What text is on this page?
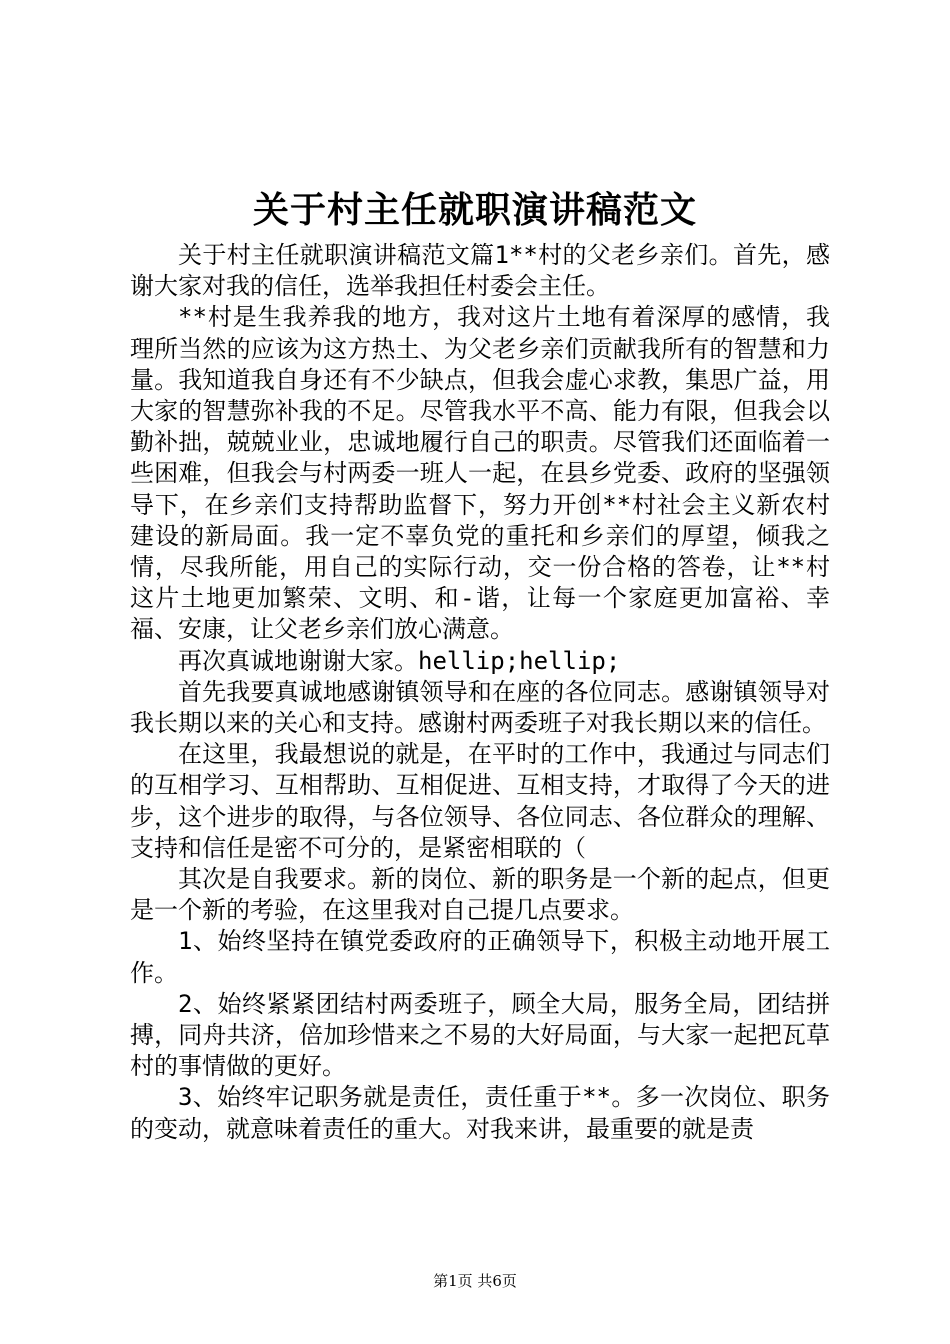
关于村主任就职演讲稿范文

关于村主任就职演讲稿范文篇1**村的父老乡亲们。首先，感谢大家对我的信任，选举我担任村委会主任。

**村是生我养我的地方，我对这片土地有着深厚的感情，我理所当然的应该为这方热土、为父老乡亲们贡献我所有的智慧和力量。我知道我自身还有不少缺点，但我会虚心求教，集思广益，用大家的智慧弥补我的不足。尽管我水平不高、能力有限，但我会以勤补拙，兢兢业业，忠诚地履行自己的职责。尽管我们还面临着一些困难，但我会与村两委一班人一起，在县乡党委、政府的坚强领导下，在乡亲们支持帮助监督下，努力开创**村社会主义新农村建设的新局面。我一定不辜负党的重托和乡亲们的厚望，倾我之情，尽我所能，用自己的实际行动，交一份合格的答卷，让**村这片土地更加繁荣、文明、和-谐，让每一个家庭更加富裕、幸福、安康，让父老乡亲们放心满意。

再次真诚地谢谢大家。hellip;hellip;

首先我要真诚地感谢镇领导和在座的各位同志。感谢镇领导对我长期以来的关心和支持。感谢村两委班子对我长期以来的信任。

在这里，我最想说的就是，在平时的工作中，我通过与同志们的互相学习、互相帮助、互相促进、互相支持，才取得了今天的进步，这个进步的取得，与各位领导、各位同志、各位群众的理解、支持和信任是密不可分的，是紧密相联的（

其次是自我要求。新的岗位、新的职务是一个新的起点，但更是一个新的考验，在这里我对自己提几点要求。

1、始终坚持在镇党委政府的正确领导下，积极主动地开展工作。

2、始终紧紧团结村两委班子，顾全大局，服务全局，团结拼搏，同舟共济，倍加珍惜来之不易的大好局面，与大家一起把瓦草村的事情做的更好。

3、始终牢记职务就是责任，责任重于**。多一次岗位、职务的变动，就意味着责任的重大。对我来讲，最重要的就是责

第1页 共6页
